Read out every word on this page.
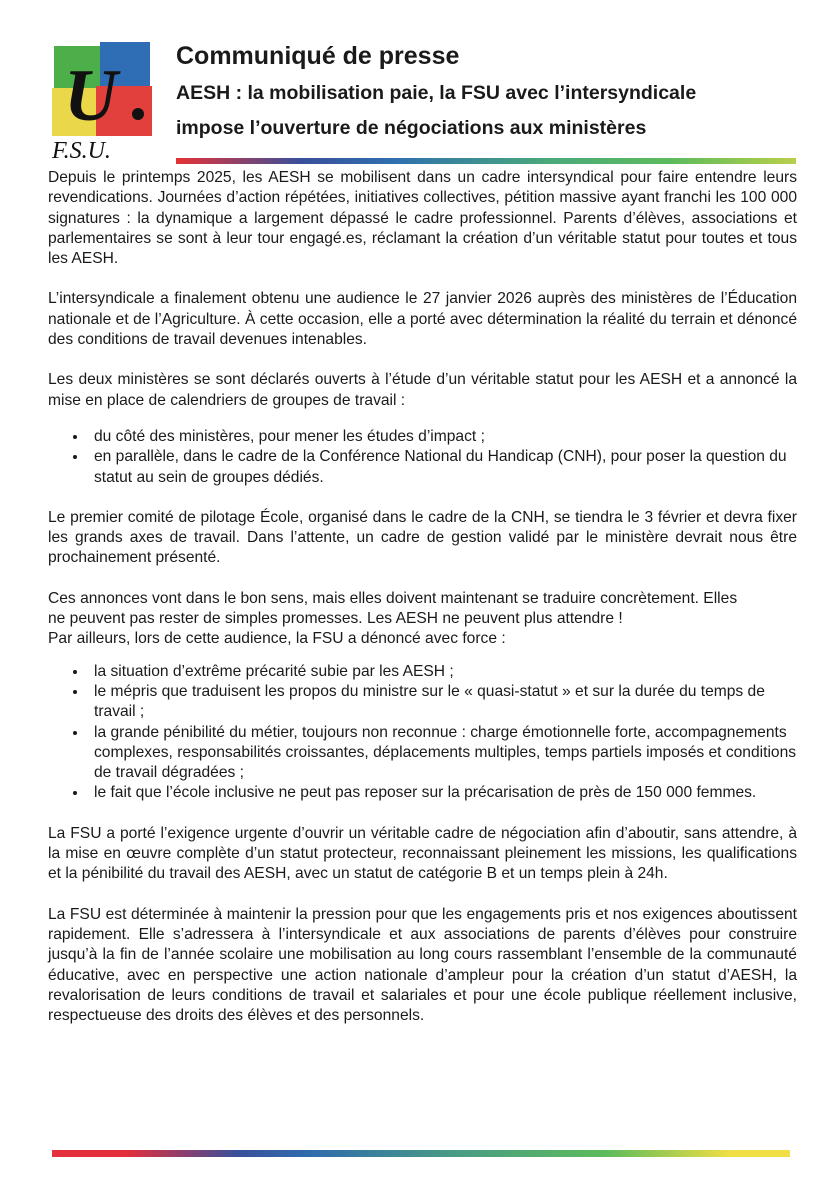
U
F.S.U.
Communiqué de presse
AESH : la mobilisation paie, la FSU avec l’intersyndicale
impose l’ouverture de négociations aux ministères

Depuis le printemps 2025, les AESH se mobilisent dans un cadre intersyndical pour faire entendre leurs revendications. Journées d’action répétées, initiatives collectives, pétition massive ayant franchi les 100 000 signatures : la dynamique a largement dépassé le cadre professionnel. Parents d’élèves, associations et parlementaires se sont à leur tour engagé.es, réclamant la création d’un véritable statut pour toutes et tous les AESH.

L’intersyndicale a finalement obtenu une audience le 27 janvier 2026 auprès des ministères de l’Éducation nationale et de l’Agriculture. À cette occasion, elle a porté avec détermination la réalité du terrain et dénoncé des conditions de travail devenues intenables.

Les deux ministères se sont déclarés ouverts à l’étude d’un véritable statut pour les AESH et a annoncé la mise en place de calendriers de groupes de travail :

• du côté des ministères, pour mener les études d’impact ;
• en parallèle, dans le cadre de la Conférence National du Handicap (CNH), pour poser la question du statut au sein de groupes dédiés.

Le premier comité de pilotage École, organisé dans le cadre de la CNH, se tiendra le 3 février et devra fixer les grands axes de travail. Dans l’attente, un cadre de gestion validé par le ministère devrait nous être prochainement présenté.

Ces annonces vont dans le bon sens, mais elles doivent maintenant se traduire concrètement. Elles ne peuvent pas rester de simples promesses. Les AESH ne peuvent plus attendre !

Par ailleurs, lors de cette audience, la FSU a dénoncé avec force :

• la situation d’extrême précarité subie par les AESH ;
• le mépris que traduisent les propos du ministre sur le « quasi-statut » et sur la durée du temps de travail ;
• la grande pénibilité du métier, toujours non reconnue : charge émotionnelle forte, accompagnements complexes, responsabilités croissantes, déplacements multiples, temps partiels imposés et conditions de travail dégradées ;
• le fait que l’école inclusive ne peut pas reposer sur la précarisation de près de 150 000 femmes.

La FSU a porté l’exigence urgente d’ouvrir un véritable cadre de négociation afin d’aboutir, sans attendre, à la mise en œuvre complète d’un statut protecteur, reconnaissant pleinement les missions, les qualifications et la pénibilité du travail des AESH, avec un statut de catégorie B et un temps plein à 24h.

La FSU est déterminée à maintenir la pression pour que les engagements pris et nos exigences aboutissent rapidement. Elle s’adressera à l’intersyndicale et aux associations de parents d’élèves pour construire jusqu’à la fin de l’année scolaire une mobilisation au long cours rassemblant l’ensemble de la communauté éducative, avec en perspective une action nationale d’ampleur pour la création d’un statut d’AESH, la revalorisation de leurs conditions de travail et salariales et pour une école publique réellement inclusive, respectueuse des droits des élèves et des personnels.
